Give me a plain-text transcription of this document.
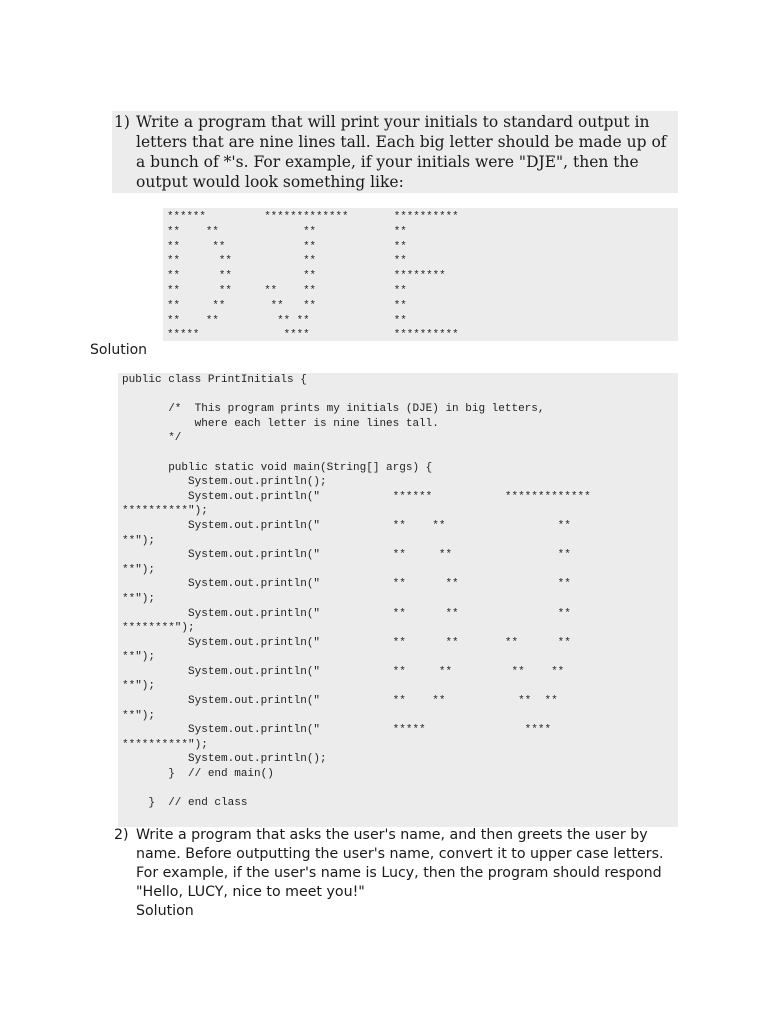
1) Write a program that will print your initials to standard output in letters that are nine lines tall. Each big letter should be made up of a bunch of *'s. For example, if your initials were "DJE", then the output would look something like:
******         *************       **********
**    **             **            **
**     **            **            **
**      **           **            **
**      **           **            ********
**      **     **    **            **
**     **       **   **            **
**    **         ** **             **
*****             ****             **********
Solution
public class PrintInitials {

/*  This program prints my initials (DJE) in big letters,
where each letter is nine lines tall.
*/

public static void main(String[] args) {
System.out.println();
System.out.println("           ******           *************
**********");
System.out.println("           **    **                 **
**");
System.out.println("           **     **                **
**");
System.out.println("           **      **               **
**");
System.out.println("           **      **               **
********");
System.out.println("           **      **       **      **
**");
System.out.println("           **     **         **    **
**");
System.out.println("           **    **           **  **
**");
System.out.println("           *****               ****
**********");
System.out.println();
}  // end main()

}  // end class
2) Write a program that asks the user's name, and then greets the user by name. Before outputting the user's name, convert it to upper case letters. For example, if the user's name is Lucy, then the program should respond "Hello, LUCY, nice to meet you!"
Solution
